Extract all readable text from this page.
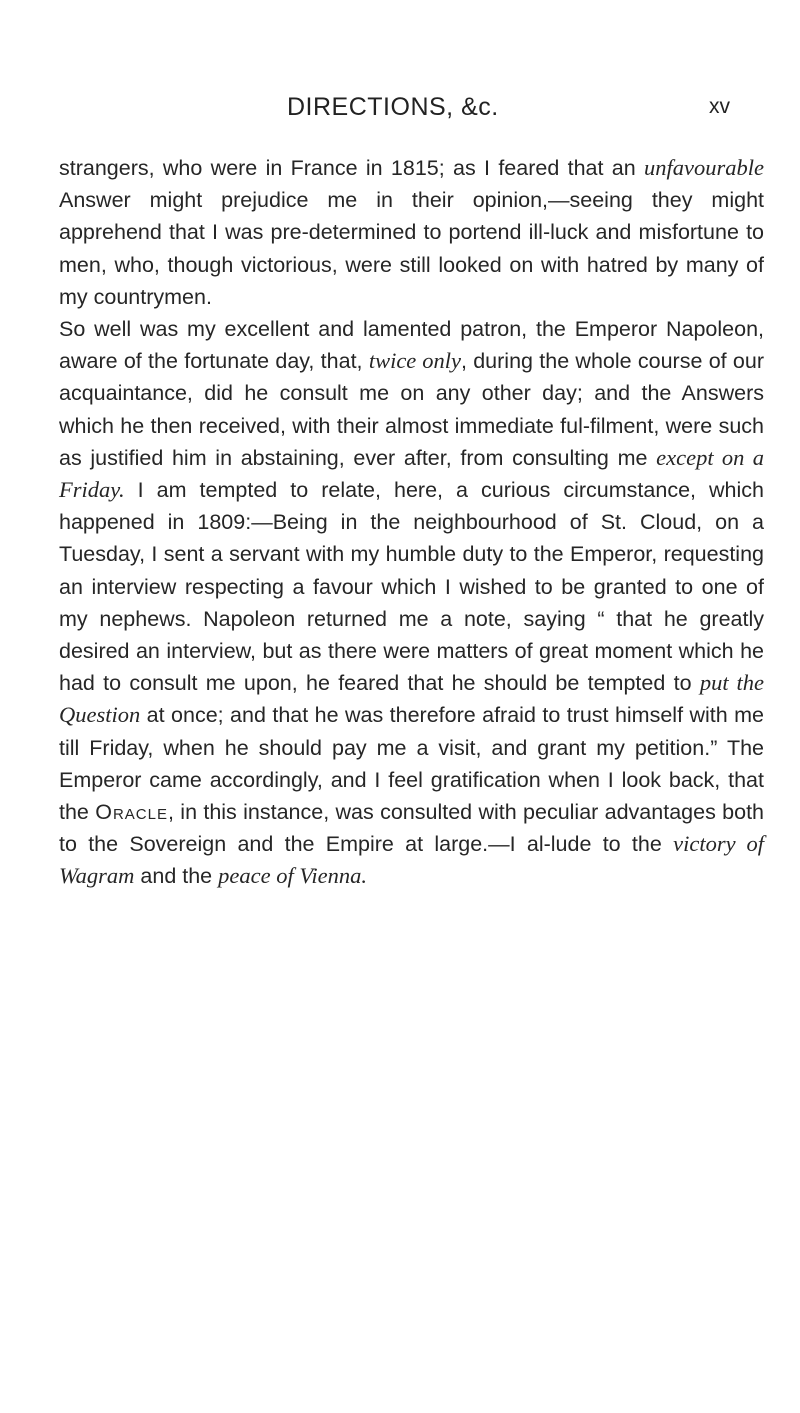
DIRECTIONS, &c.	xv

strangers, who were in France in 1815; as I feared that an unfavourable Answer might prejudice me in their opinion,—seeing they might apprehend that I was pre-determined to portend ill-luck and misfortune to men, who, though victorious, were still looked on with hatred by many of my countrymen.

So well was my excellent and lamented patron, the Emperor Napoleon, aware of the fortunate day, that, twice only, during the whole course of our acquaintance, did he consult me on any other day; and the Answers which he then received, with their almost immediate ful-filment, were such as justified him in abstaining, ever after, from consulting me except on a Friday. I am tempted to relate, here, a curious circumstance, which happened in 1809:—Being in the neighbourhood of St. Cloud, on a Tuesday, I sent a servant with my humble duty to the Emperor, requesting an interview respecting a favour which I wished to be granted to one of my nephews. Napoleon returned me a note, saying “ that he greatly desired an interview, but as there were matters of great moment which he had to consult me upon, he feared that he should be tempted to put the Question at once; and that he was therefore afraid to trust himself with me till Friday, when he should pay me a visit, and grant my petition.” The Emperor came accordingly, and I feel gratification when I look back, that the Oracle, in this instance, was consulted with peculiar advantages both to the Sovereign and the Empire at large.—I al-lude to the victory of Wagram and the peace of Vienna.
